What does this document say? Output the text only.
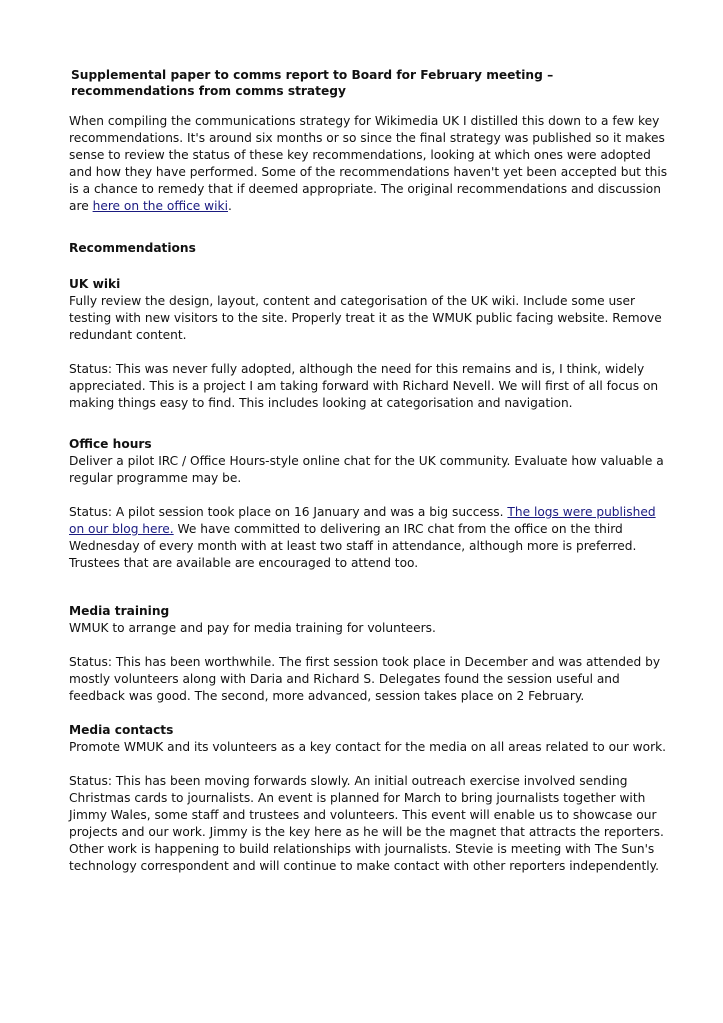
Supplemental paper to comms report to Board for February meeting –
recommendations from comms strategy

When compiling the communications strategy for Wikimedia UK I distilled this down to a few key recommendations. It's around six months or so since the final strategy was published so it makes sense to review the status of these key recommendations, looking at which ones were adopted and how they have performed. Some of the recommendations haven't yet been accepted but this is a chance to remedy that if deemed appropriate. The original recommendations and discussion are here on the office wiki.

Recommendations

UK wiki

Fully review the design, layout, content and categorisation of the UK wiki. Include some user testing with new visitors to the site. Properly treat it as the WMUK public facing website. Remove redundant content.

Status: This was never fully adopted, although the need for this remains and is, I think, widely appreciated. This is a project I am taking forward with Richard Nevell. We will first of all focus on making things easy to find. This includes looking at categorisation and navigation.

Office hours

Deliver a pilot IRC / Office Hours-style online chat for the UK community. Evaluate how valuable a regular programme may be.

Status: A pilot session took place on 16 January and was a big success. The logs were published on our blog here. We have committed to delivering an IRC chat from the office on the third Wednesday of every month with at least two staff in attendance, although more is preferred. Trustees that are available are encouraged to attend too.

Media training

WMUK to arrange and pay for media training for volunteers.

Status: This has been worthwhile. The first session took place in December and was attended by mostly volunteers along with Daria and Richard S. Delegates found the session useful and feedback was good. The second, more advanced, session takes place on 2 February.

Media contacts

Promote WMUK and its volunteers as a key contact for the media on all areas related to our work.

Status: This has been moving forwards slowly. An initial outreach exercise involved sending Christmas cards to journalists. An event is planned for March to bring journalists together with Jimmy Wales, some staff and trustees and volunteers. This event will enable us to showcase our projects and our work. Jimmy is the key here as he will be the magnet that attracts the reporters. Other work is happening to build relationships with journalists. Stevie is meeting with The Sun's technology correspondent and will continue to make contact with other reporters independently.
